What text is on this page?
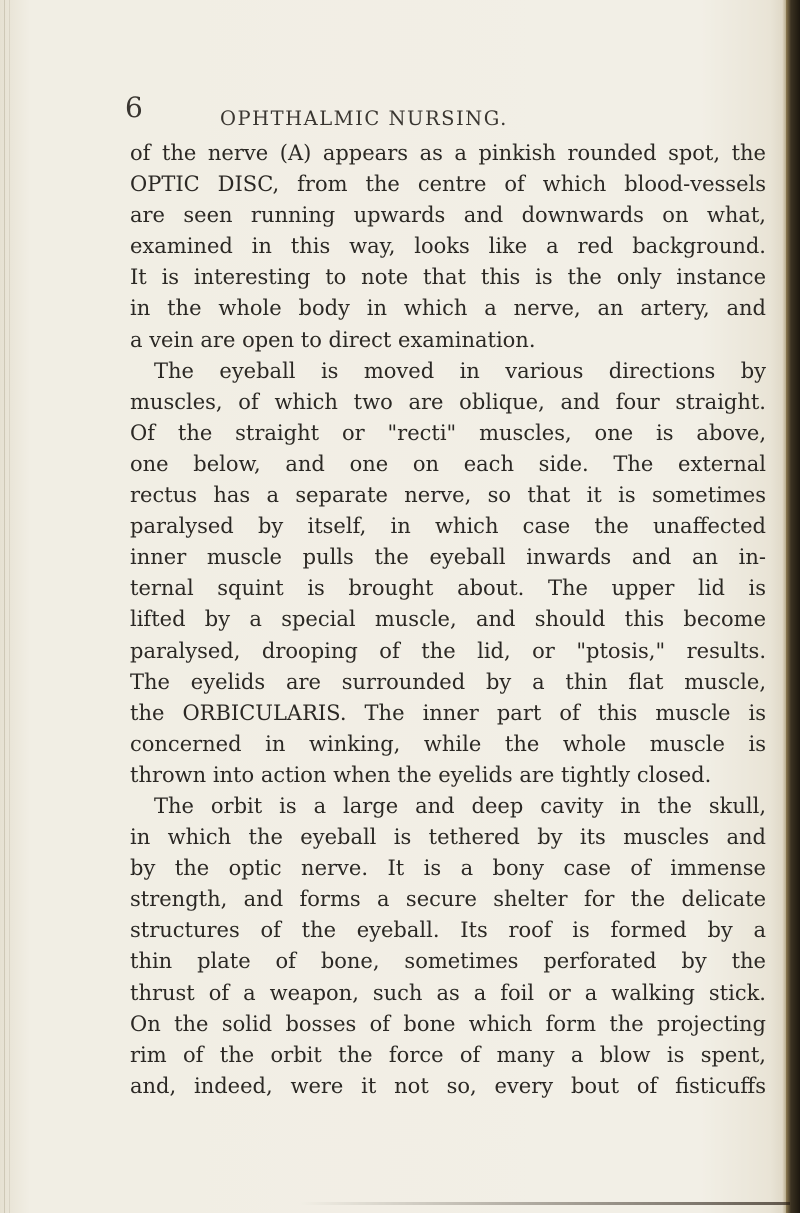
6	OPHTHALMIC NURSING.
of the nerve (A) appears as a pinkish rounded spot, the
OPTIC DISC, from the centre of which blood-vessels
are seen running upwards and downwards on what,
examined in this way, looks like a red background.
It is interesting to note that this is the only instance
in the whole body in which a nerve, an artery, and
a vein are open to direct examination.
The eyeball is moved in various directions by
muscles, of which two are oblique, and four straight.
Of the straight or "recti" muscles, one is above,
one below, and one on each side. The external
rectus has a separate nerve, so that it is sometimes
paralysed by itself, in which case the unaffected
inner muscle pulls the eyeball inwards and an in-
ternal squint is brought about. The upper lid is
lifted by a special muscle, and should this become
paralysed, drooping of the lid, or "ptosis," results.
The eyelids are surrounded by a thin flat muscle,
the ORBICULARIS. The inner part of this muscle is
concerned in winking, while the whole muscle is
thrown into action when the eyelids are tightly closed.
The orbit is a large and deep cavity in the skull,
in which the eyeball is tethered by its muscles and
by the optic nerve. It is a bony case of immense
strength, and forms a secure shelter for the delicate
structures of the eyeball. Its roof is formed by a
thin plate of bone, sometimes perforated by the
thrust of a weapon, such as a foil or a walking stick.
On the solid bosses of bone which form the projecting
rim of the orbit the force of many a blow is spent,
and, indeed, were it not so, every bout of fisticuffs
